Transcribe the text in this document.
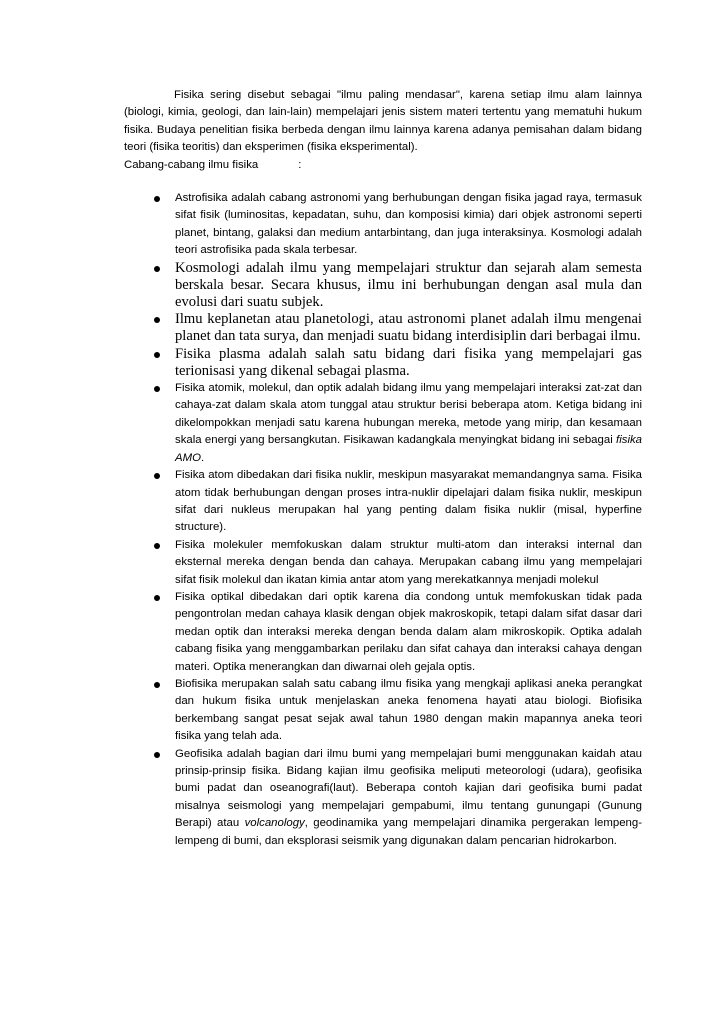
Fisika sering disebut sebagai "ilmu paling mendasar", karena setiap ilmu alam lainnya (biologi, kimia, geologi, dan lain-lain) mempelajari jenis sistem materi tertentu yang mematuhi hukum fisika. Budaya penelitian fisika berbeda dengan ilmu lainnya karena adanya pemisahan dalam bidang teori (fisika teoritis) dan eksperimen (fisika eksperimental).

Cabang-cabang ilmu fisika	:

Astrofisika adalah cabang astronomi yang berhubungan dengan fisika jagad raya, termasuk sifat fisik (luminositas, kepadatan, suhu, dan komposisi kimia) dari objek astronomi seperti planet, bintang, galaksi dan medium antarbintang, dan juga interaksinya. Kosmologi adalah teori astrofisika pada skala terbesar.
Kosmologi adalah ilmu yang mempelajari struktur dan sejarah alam semesta berskala besar. Secara khusus, ilmu ini berhubungan dengan asal mula dan evolusi dari suatu subjek.
Ilmu keplanetan atau planetologi, atau astronomi planet adalah ilmu mengenai planet dan tata surya, dan menjadi suatu bidang interdisiplin dari berbagai ilmu.
Fisika plasma adalah salah satu bidang dari fisika yang mempelajari gas terionisasi yang dikenal sebagai plasma.
Fisika atomik, molekul, dan optik adalah bidang ilmu yang mempelajari interaksi zat-zat dan cahaya-zat dalam skala atom tunggal atau struktur berisi beberapa atom. Ketiga bidang ini dikelompokkan menjadi satu karena hubungan mereka, metode yang mirip, dan kesamaan skala energi yang bersangkutan. Fisikawan kadangkala menyingkat bidang ini sebagai fisika AMO.
Fisika atom dibedakan dari fisika nuklir, meskipun masyarakat memandangnya sama. Fisika atom tidak berhubungan dengan proses intra-nuklir dipelajari dalam fisika nuklir, meskipun sifat dari nukleus merupakan hal yang penting dalam fisika nuklir (misal, hyperfine structure).
Fisika molekuler memfokuskan dalam struktur multi-atom dan interaksi internal dan eksternal mereka dengan benda dan cahaya. Merupakan cabang ilmu yang mempelajari sifat fisik molekul dan ikatan kimia antar atom yang merekatkannya menjadi molekul
Fisika optikal dibedakan dari optik karena dia condong untuk memfokuskan tidak pada pengontrolan medan cahaya klasik dengan objek makroskopik, tetapi dalam sifat dasar dari medan optik dan interaksi mereka dengan benda dalam alam mikroskopik. Optika adalah cabang fisika yang menggambarkan perilaku dan sifat cahaya dan interaksi cahaya dengan materi. Optika menerangkan dan diwarnai oleh gejala optis.
Biofisika merupakan salah satu cabang ilmu fisika yang mengkaji aplikasi aneka perangkat dan hukum fisika untuk menjelaskan aneka fenomena hayati atau biologi. Biofisika berkembang sangat pesat sejak awal tahun 1980 dengan makin mapannya aneka teori fisika yang telah ada.
Geofisika adalah bagian dari ilmu bumi yang mempelajari bumi menggunakan kaidah atau prinsip-prinsip fisika. Bidang kajian ilmu geofisika meliputi meteorologi (udara), geofisika bumi padat dan oseanografi(laut). Beberapa contoh kajian dari geofisika bumi padat misalnya seismologi yang mempelajari gempabumi, ilmu tentang gunungapi (Gunung Berapi) atau volcanology, geodinamika yang mempelajari dinamika pergerakan lempeng-lempeng di bumi, dan eksplorasi seismik yang digunakan dalam pencarian hidrokarbon.
